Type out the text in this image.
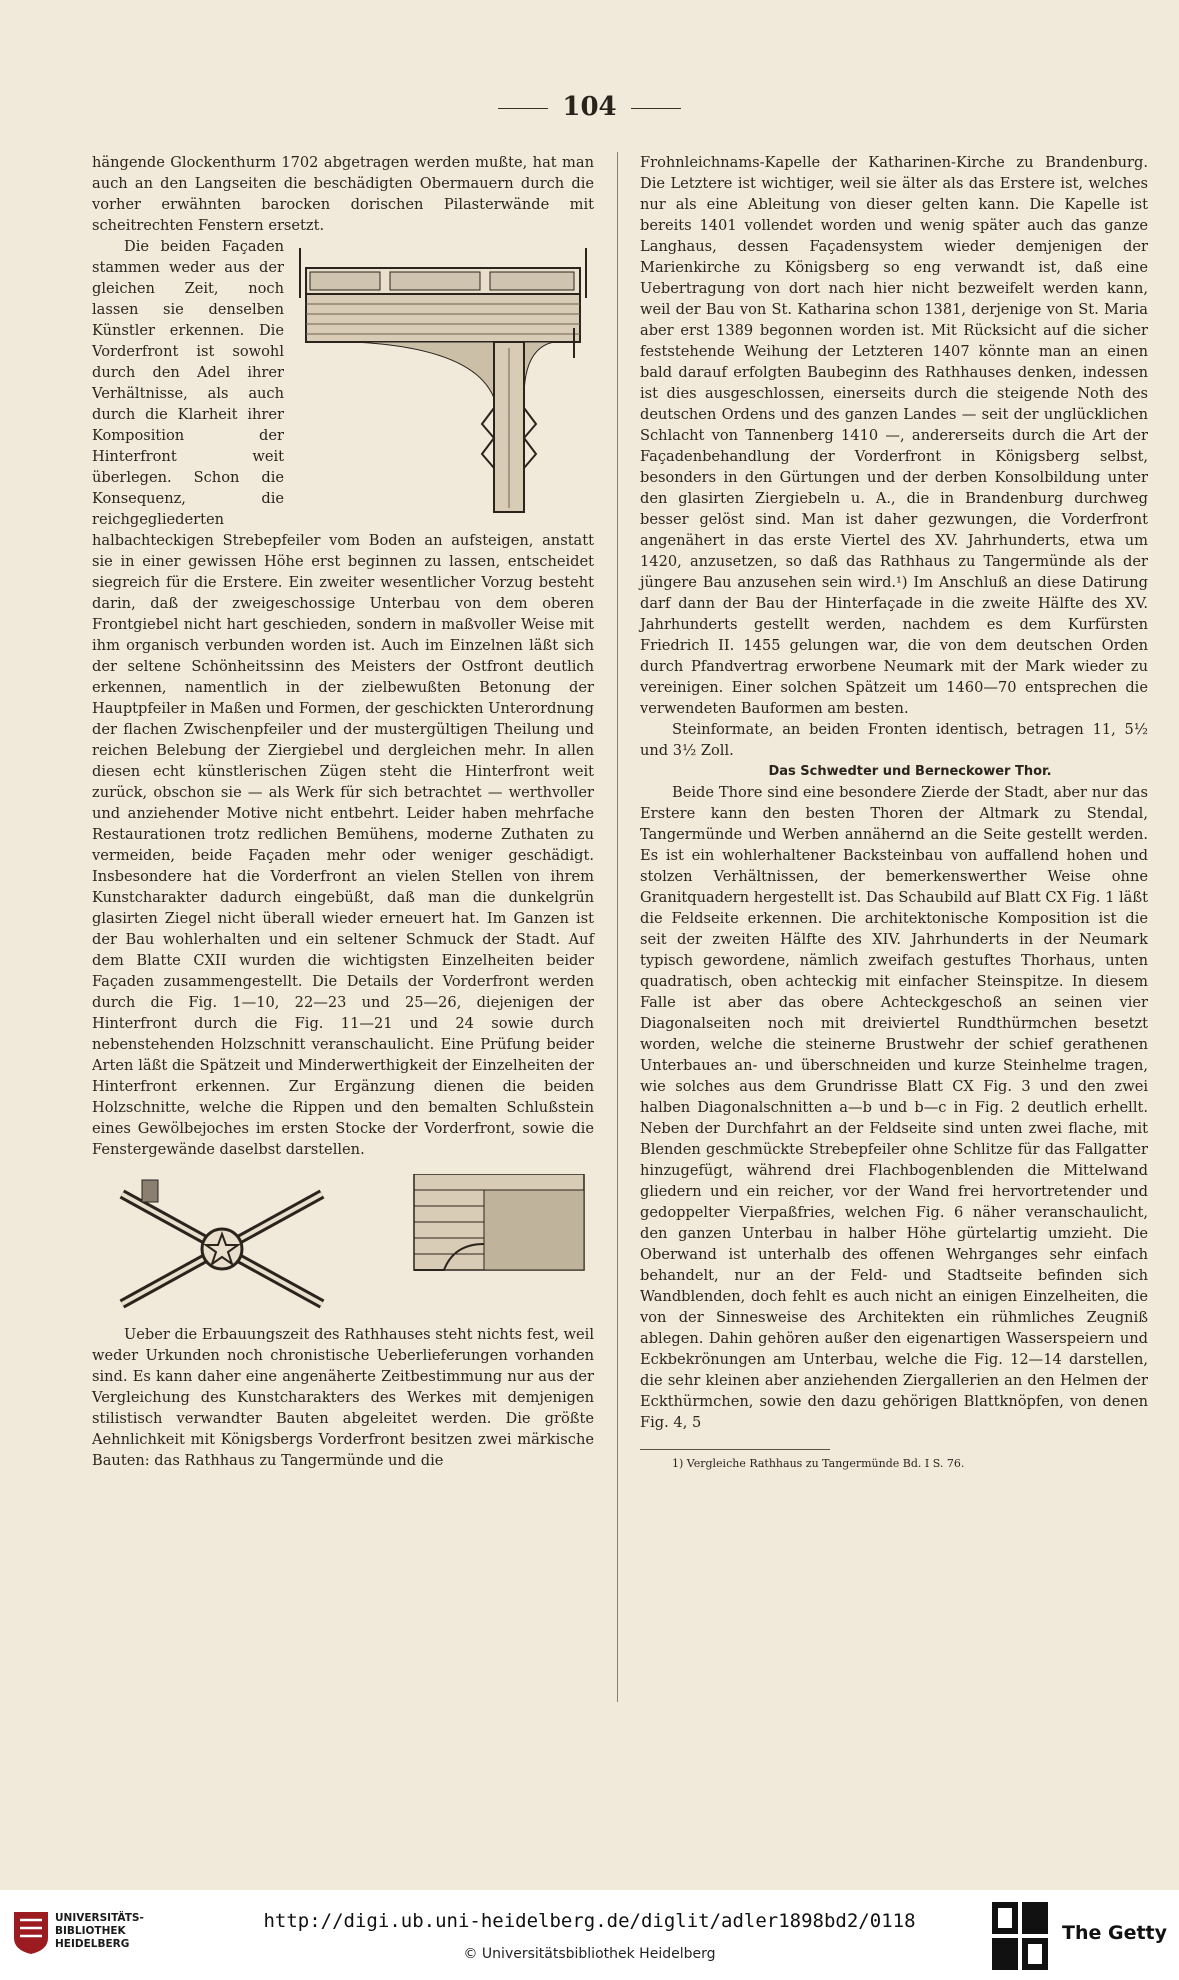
104

hängende Glockenthurm 1702 abgetragen werden mußte, hat man auch an den Langseiten die beschädigten Obermauern durch die vorher erwähnten barocken dorischen Pilasterwände mit scheitrechten Fenstern ersetzt.

Die beiden Façaden stammen weder aus der gleichen Zeit, noch lassen sie denselben Künstler erkennen. Die Vorderfront ist sowohl durch den Adel ihrer Verhältnisse, als auch durch die Klarheit ihrer Komposition der Hinterfront weit überlegen. Schon die Konsequenz, die reichgegliederten halbachteckigen Strebepfeiler vom Boden an aufsteigen, anstatt sie in einer gewissen Höhe erst beginnen zu lassen, entscheidet siegreich für die Erstere. Ein zweiter wesentlicher Vorzug besteht darin, daß der zweigeschossige Unterbau von dem oberen Frontgiebel nicht hart geschieden, sondern in maßvoller Weise mit ihm organisch verbunden worden ist. Auch im Einzelnen läßt sich der seltene Schönheitssinn des Meisters der Ostfront deutlich erkennen, namentlich in der zielbewußten Betonung der Hauptpfeiler in Maßen und Formen, der geschickten Unterordnung der flachen Zwischenpfeiler und der mustergültigen Theilung und reichen Belebung der Ziergiebel und dergleichen mehr. In allen diesen echt künstlerischen Zügen steht die Hinterfront weit zurück, obschon sie — als Werk für sich betrachtet — werthvoller und anziehender Motive nicht entbehrt. Leider haben mehrfache Restaurationen trotz redlichen Bemühens, moderne Zuthaten zu vermeiden, beide Façaden mehr oder weniger geschädigt. Insbesondere hat die Vorderfront an vielen Stellen von ihrem Kunstcharakter dadurch eingebüßt, daß man die dunkelgrün glasirten Ziegel nicht überall wieder erneuert hat. Im Ganzen ist der Bau wohlerhalten und ein seltener Schmuck der Stadt. Auf dem Blatte CXII wurden die wichtigsten Einzelheiten beider Façaden zusammengestellt. Die Details der Vorderfront werden durch die Fig. 1—10, 22—23 und 25—26, diejenigen der Hinterfront durch die Fig. 11—21 und 24 sowie durch nebenstehenden Holzschnitt veranschaulicht. Eine Prüfung beider Arten läßt die Spätzeit und Minderwerthigkeit der Einzelheiten der Hinterfront erkennen. Zur Ergänzung dienen die beiden Holzschnitte, welche die Rippen und den bemalten Schlußstein eines Gewölbejoches im ersten Stocke der Vorderfront, sowie die Fenstergewände daselbst darstellen.

Ueber die Erbauungszeit des Rathhauses steht nichts fest, weil weder Urkunden noch chronistische Ueberlieferungen vorhanden sind. Es kann daher eine angenäherte Zeitbestimmung nur aus der Vergleichung des Kunstcharakters des Werkes mit demjenigen stilistisch verwandter Bauten abgeleitet werden. Die größte Aehnlichkeit mit Königsbergs Vorderfront besitzen zwei märkische Bauten: das Rathhaus zu Tangermünde und die

Frohnleichnams-Kapelle der Katharinen-Kirche zu Brandenburg. Die Letztere ist wichtiger, weil sie älter als das Erstere ist, welches nur als eine Ableitung von dieser gelten kann. Die Kapelle ist bereits 1401 vollendet worden und wenig später auch das ganze Langhaus, dessen Façadensystem wieder demjenigen der Marienkirche zu Königsberg so eng verwandt ist, daß eine Uebertragung von dort nach hier nicht bezweifelt werden kann, weil der Bau von St. Katharina schon 1381, derjenige von St. Maria aber erst 1389 begonnen worden ist. Mit Rücksicht auf die sicher feststehende Weihung der Letzteren 1407 könnte man an einen bald darauf erfolgten Baubeginn des Rathhauses denken, indessen ist dies ausgeschlossen, einerseits durch die steigende Noth des deutschen Ordens und des ganzen Landes — seit der unglücklichen Schlacht von Tannenberg 1410 —, andererseits durch die Art der Façadenbehandlung der Vorderfront in Königsberg selbst, besonders in den Gürtungen und der derben Konsolbildung unter den glasirten Ziergiebeln u. A., die in Brandenburg durchweg besser gelöst sind. Man ist daher gezwungen, die Vorderfront angenähert in das erste Viertel des XV. Jahrhunderts, etwa um 1420, anzusetzen, so daß das Rathhaus zu Tangermünde als der jüngere Bau anzusehen sein wird.¹) Im Anschluß an diese Datirung darf dann der Bau der Hinterfaçade in die zweite Hälfte des XV. Jahrhunderts gestellt werden, nachdem es dem Kurfürsten Friedrich II. 1455 gelungen war, die von dem deutschen Orden durch Pfandvertrag erworbene Neumark mit der Mark wieder zu vereinigen. Einer solchen Spätzeit um 1460—70 entsprechen die verwendeten Bauformen am besten.

Steinformate, an beiden Fronten identisch, betragen 11, 5½ und 3½ Zoll.

Das Schwedter und Berneckower Thor.

Beide Thore sind eine besondere Zierde der Stadt, aber nur das Erstere kann den besten Thoren der Altmark zu Stendal, Tangermünde und Werben annähernd an die Seite gestellt werden. Es ist ein wohlerhaltener Backsteinbau von auffallend hohen und stolzen Verhältnissen, der bemerkenswerther Weise ohne Granitquadern hergestellt ist. Das Schaubild auf Blatt CX Fig. 1 läßt die Feldseite erkennen. Die architektonische Komposition ist die seit der zweiten Hälfte des XIV. Jahrhunderts in der Neumark typisch gewordene, nämlich zweifach gestuftes Thorhaus, unten quadratisch, oben achteckig mit einfacher Steinspitze. In diesem Falle ist aber das obere Achteckgeschoß an seinen vier Diagonalseiten noch mit dreiviertel Rundthürmchen besetzt worden, welche die steinerne Brustwehr der schief gerathenen Unterbaues an- und überschneiden und kurze Steinhelme tragen, wie solches aus dem Grundrisse Blatt CX Fig. 3 und den zwei halben Diagonalschnitten a—b und b—c in Fig. 2 deutlich erhellt. Neben der Durchfahrt an der Feldseite sind unten zwei flache, mit Blenden geschmückte Strebepfeiler ohne Schlitze für das Fallgatter hinzugefügt, während drei Flachbogenblenden die Mittelwand gliedern und ein reicher, vor der Wand frei hervortretender und gedoppelter Vierpaßfries, welchen Fig. 6 näher veranschaulicht, den ganzen Unterbau in halber Höhe gürtelartig umzieht. Die Oberwand ist unterhalb des offenen Wehrganges sehr einfach behandelt, nur an der Feld- und Stadtseite befinden sich Wandblenden, doch fehlt es auch nicht an einigen Einzelheiten, die von der Sinnesweise des Architekten ein rühmliches Zeugniß ablegen. Dahin gehören außer den eigenartigen Wasserspeiern und Eckbekrönungen am Unterbau, welche die Fig. 12—14 darstellen, die sehr kleinen aber anziehenden Ziergallerien an den Helmen der Eckthürmchen, sowie den dazu gehörigen Blattknöpfen, von denen Fig. 4, 5

1) Vergleiche Rathhaus zu Tangermünde Bd. I S. 76.

UNIVERSITÄTS-
BIBLIOTHEK
HEIDELBERG
http://digi.ub.uni-heidelberg.de/diglit/adler1898bd2/0118
© Universitätsbibliothek Heidelberg
The Getty
